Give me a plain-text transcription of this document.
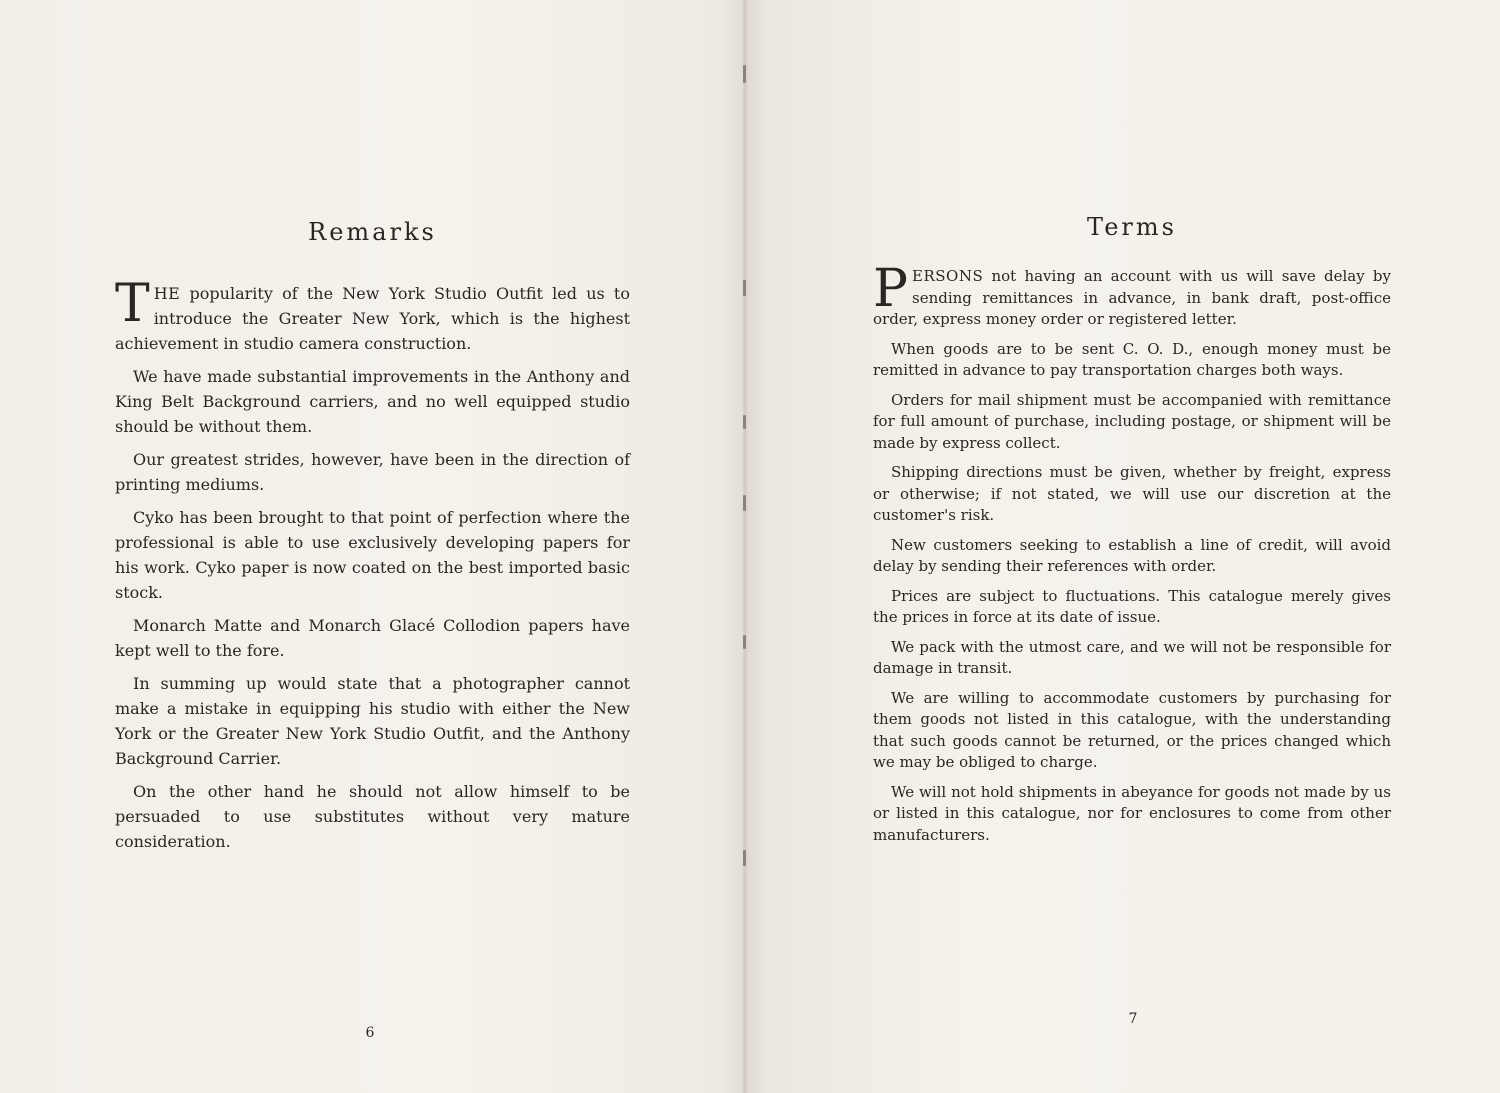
Remarks

THE popularity of the New York Studio Outfit led us to introduce the Greater New York, which is the highest achievement in studio camera construction.

We have made substantial improvements in the Anthony and King Belt Background carriers, and no well equipped studio should be without them.

Our greatest strides, however, have been in the direction of printing mediums.

Cyko has been brought to that point of perfection where the professional is able to use exclusively developing papers for his work. Cyko paper is now coated on the best imported basic stock.

Monarch Matte and Monarch Glacé Collodion papers have kept well to the fore.

In summing up would state that a photographer cannot make a mistake in equipping his studio with either the New York or the Greater New York Studio Outfit, and the Anthony Background Carrier.

On the other hand he should not allow himself to be persuaded to use substitutes without very mature consideration.

6
Terms

PERSONS not having an account with us will save delay by sending remittances in advance, in bank draft, post-office order, express money order or registered letter.

When goods are to be sent C. O. D., enough money must be remitted in advance to pay transportation charges both ways.

Orders for mail shipment must be accompanied with remittance for full amount of purchase, including postage, or shipment will be made by express collect.

Shipping directions must be given, whether by freight, express or otherwise; if not stated, we will use our discretion at the customer's risk.

New customers seeking to establish a line of credit, will avoid delay by sending their references with order.

Prices are subject to fluctuations. This catalogue merely gives the prices in force at its date of issue.

We pack with the utmost care, and we will not be responsible for damage in transit.

We are willing to accommodate customers by purchasing for them goods not listed in this catalogue, with the understanding that such goods cannot be returned, or the prices changed which we may be obliged to charge.

We will not hold shipments in abeyance for goods not made by us or listed in this catalogue, nor for enclosures to come from other manufacturers.

7
